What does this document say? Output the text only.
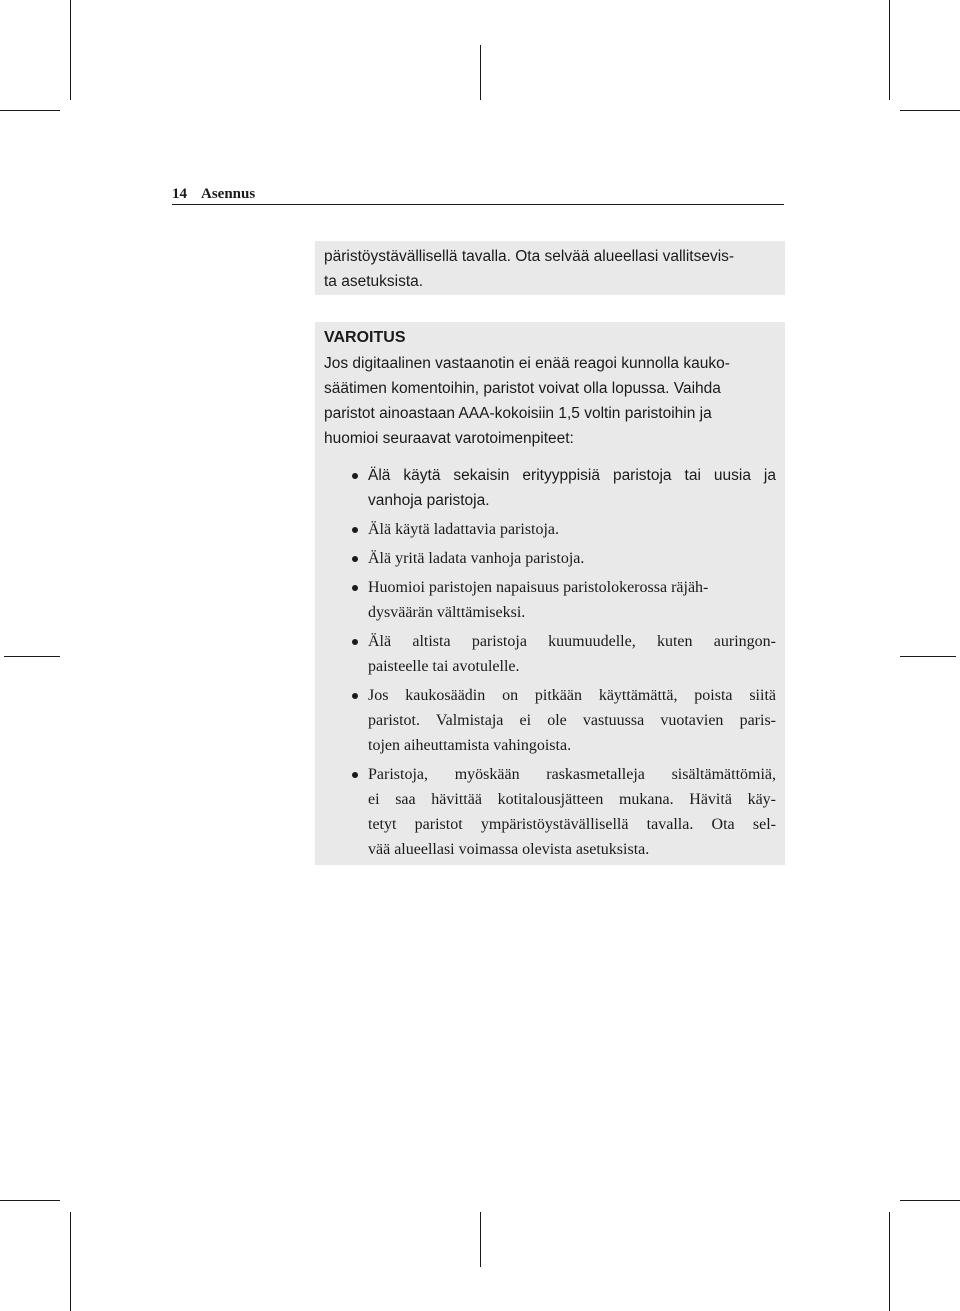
14 Asennus
päristöystävällisellä tavalla. Ota selvää alueellasi vallitsevis-
ta asetuksista.
VAROITUS
Jos digitaalinen vastaanotin ei enää reagoi kunnolla kauko-
säätimen komentoihin, paristot voivat olla lopussa. Vaihda
paristot ainoastaan AAA-kokoisiin 1,5 voltin paristoihin ja
huomioi seuraavat varotoimenpiteet:
Älä käytä sekaisin erityyppisiä paristoja tai uusia ja
vanhoja paristoja.
Älä käytä ladattavia paristoja.
Älä yritä ladata vanhoja paristoja.
Huomioi paristojen napaisuus paristolokerossa räjäh-
dysväärän välttämiseksi.
Älä altista paristoja kuumuudelle, kuten auringon-
paisteelle tai avotulelle.
Jos kaukosäädin on pitkään käyttämättä, poista siitä
paristot. Valmistaja ei ole vastuussa vuotavien paris-
tojen aiheuttamista vahingoista.
Paristoja, myöskään raskasmetalleja sisältämättömiä,
ei saa hävittää kotitalousjätteen mukana. Hävitä käy-
tetyt paristot ympäristöystävällisellä tavalla. Ota sel-
vää alueellasi voimassa olevista asetuksista.
